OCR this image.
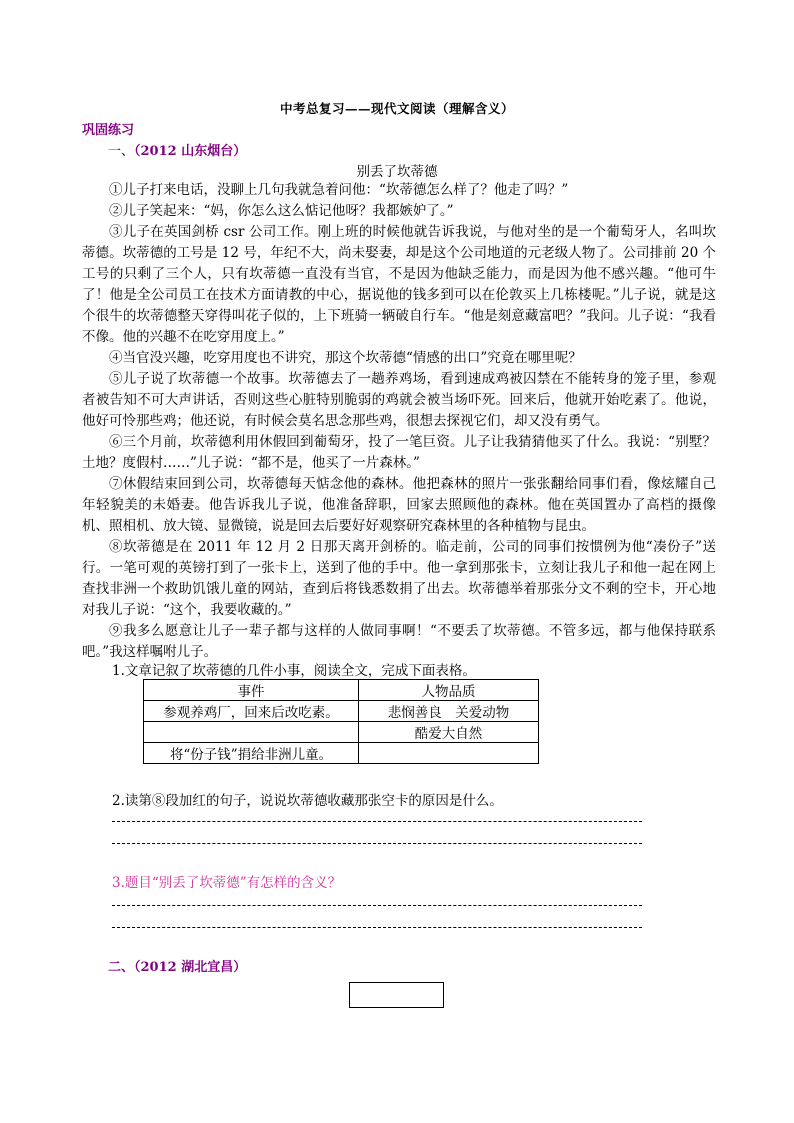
中考总复习——现代文阅读（理解含义）
巩固练习
一、（2012 山东烟台）
别丢了坎蒂德

①儿子打来电话，没聊上几句我就急着问他：“坎蒂德怎么样了？他走了吗？”

②儿子笑起来：“妈，你怎么这么惦记他呀？我都嫉妒了。”

③儿子在英国剑桥 csr 公司工作。刚上班的时候他就告诉我说，与他对坐的是一个葡萄牙人，名叫坎蒂德。坎蒂德的工号是 12 号，年纪不大，尚未娶妻，却是这个公司地道的元老级人物了。公司排前 20 个工号的只剩了三个人，只有坎蒂德一直没有当官，不是因为他缺乏能力，而是因为他不感兴趣。“他可牛了！他是全公司员工在技术方面请教的中心，据说他的钱多到可以在伦敦买上几栋楼呢。”儿子说，就是这个很牛的坎蒂德整天穿得叫花子似的，上下班骑一辆破自行车。“他是刻意藏富吧？”我问。儿子说：“我看不像。他的兴趣不在吃穿用度上。”

④当官没兴趣，吃穿用度也不讲究，那这个坎蒂德“情感的出口”究竟在哪里呢？

⑤儿子说了坎蒂德一个故事。坎蒂德去了一趟养鸡场，看到速成鸡被囚禁在不能转身的笼子里，参观者被告知不可大声讲话，否则这些心脏特别脆弱的鸡就会被当场吓死。回来后，他就开始吃素了。他说，他好可怜那些鸡；他还说，有时候会莫名思念那些鸡，很想去探视它们，却又没有勇气。

⑥三个月前，坎蒂德利用休假回到葡萄牙，投了一笔巨资。儿子让我猜猜他买了什么。我说：“别墅？土地？度假村……”儿子说：“都不是，他买了一片森林。”

⑦休假结束回到公司，坎蒂德每天惦念他的森林。他把森林的照片一张张翻给同事们看，像炫耀自己年轻貌美的未婚妻。他告诉我儿子说，他准备辞职，回家去照顾他的森林。他在英国置办了高档的摄像机、照相机、放大镜、显微镜，说是回去后要好好观察研究森林里的各种植物与昆虫。

⑧坎蒂德是在 2011 年 12 月 2 日那天离开剑桥的。临走前，公司的同事们按惯例为他“凑份子”送行。一笔可观的英镑打到了一张卡上，送到了他的手中。他一拿到那张卡，立刻让我儿子和他一起在网上查找非洲一个救助饥饿儿童的网站，查到后将钱悉数捐了出去。坎蒂德举着那张分文不剩的空卡，开心地对我儿子说：“这个，我要收藏的。”

⑨我多么愿意让儿子一辈子都与这样的人做同事啊！“不要丢了坎蒂德。不管多远，都与他保持联系吧。”我这样嘱咐儿子。

1.文章记叙了坎蒂德的几件小事，阅读全文，完成下面表格。
事件	人物品质
参观养鸡厂，回来后改吃素。	悲悯善良　关爱动物
	酷爱大自然
将“份子钱”捐给非洲儿童。	
2.读第⑧段加红的句子，说说坎蒂德收藏那张空卡的原因是什么。
3.题目“别丢了坎蒂德”有怎样的含义？
二、（2012 湖北宜昌）
